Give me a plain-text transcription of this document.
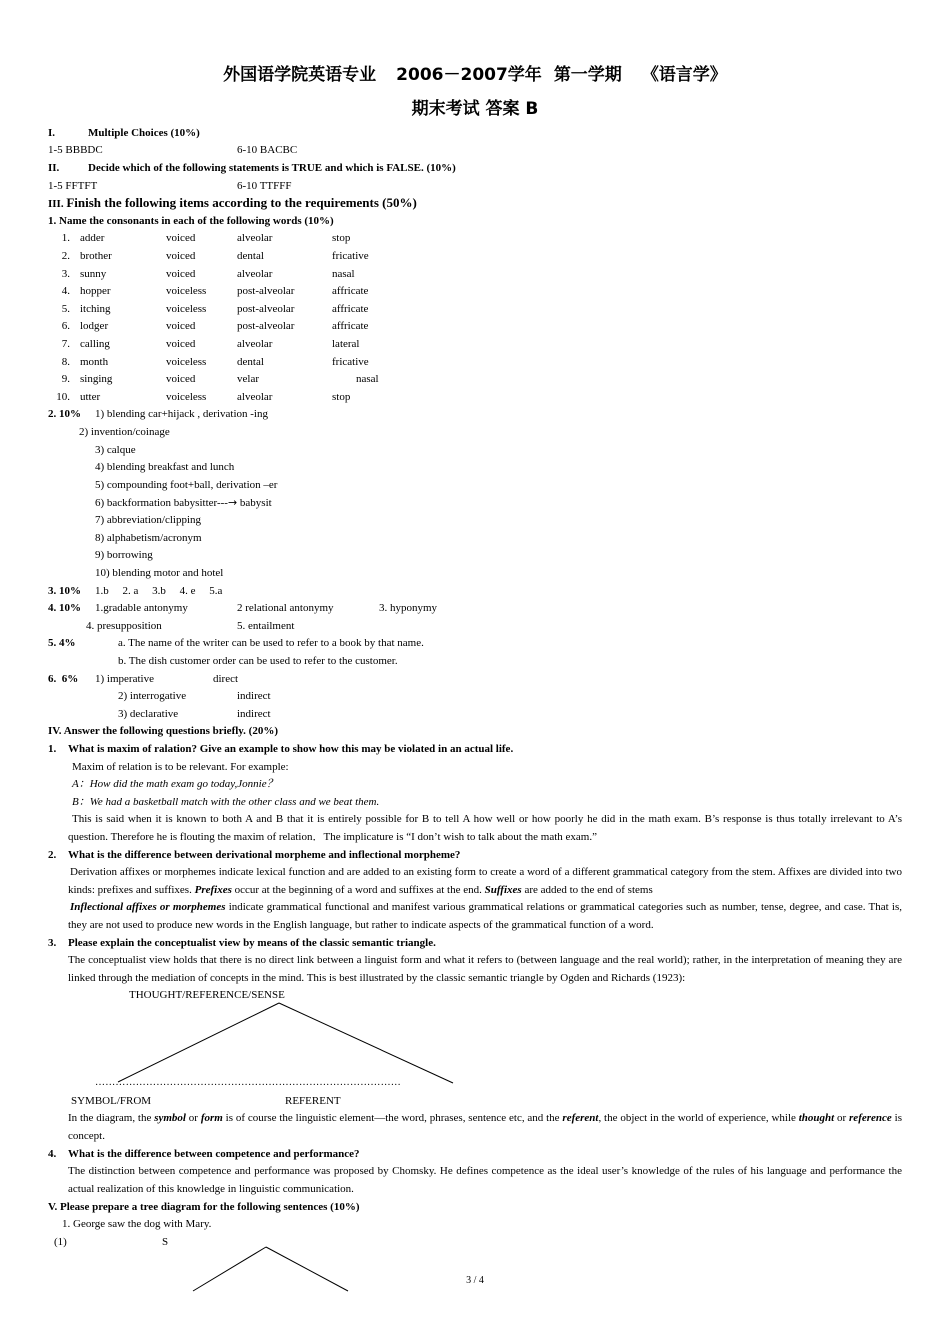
外国语学院英语专业 2006－2007学年 第一学期 《语言学》
期末考试 答案 B
I.	Multiple Choices (10%)
1-5 BBBDC	6-10 BACBC
II.	Decide which of the following statements is TRUE and which is FALSE. (10%)
1-5 FFTFT	6-10 TTFFF
III. Finish the following items according to the requirements (50%)
1. Name the consonants in each of the following words (10%)
1. adder	voiced	alveolar	stop
2. brother	voiced	dental	fricative
3. sunny	voiced	alveolar	nasal
4. hopper	voiceless	post-alveolar	affricate
5. itching	voiceless	post-alveolar	affricate
6. lodger	voiced	post-alveolar	affricate
7. calling	voiced	alveolar	lateral
8. month	voiceless	dental	fricative
9. singing	voiced	velar	nasal
10. utter	voiceless	alveolar	stop
2. 10% 1) blending car+hijack , derivation -ing
2) invention/coinage
3) calque
4) blending breakfast and lunch
5) compounding foot+ball, derivation –er
6) backformation babysitter---→ babysit
7) abbreviation/clipping
8) alphabetism/acronym
9) borrowing
10) blending motor and hotel
3. 10% 1.b     2. a     3.b     4. e     5.a
4. 10% 1.gradable antonymy	2 relational antonymy	3. hyponymy
4. presupposition	5. entailment
5. 4%	a. The name of the writer can be used to refer to a book by that name.
b. The dish customer order can be used to refer to the customer.
6.  6% 1) imperative	direct
2) interrogative	indirect
3) declarative	indirect
IV. Answer the following questions briefly. (20%)
1. What is maxim of ralation? Give an example to show how this may be violated in an actual life.
Maxim of relation is to be relevant. For example:
A：How did the math exam go today,Jonnie？
B：We had a basketball match with the other class and we beat them.
This is said when it is known to both A and B that it is entirely possible for B to tell A how well or how poorly he did in the math exam. B’s response is thus totally irrelevant to A’s question. Therefore he is flouting the maxim of relation．The implicature is “I don’t wish to talk about the math exam.”
2. What is the difference between derivational morpheme and inflectional morpheme?
Derivation affixes or morphemes indicate lexical function and are added to an existing form to create a word of a different grammatical category from the stem. Affixes are divided into two kinds: prefixes and suffixes. Prefixes occur at the beginning of a word and suffixes at the end. Suffixes are added to the end of stems
Inflectional affixes or morphemes indicate grammatical functional and manifest various grammatical relations or grammatical categories such as number, tense, degree, and case. That is, they are not used to produce new words in the English language, but rather to indicate aspects of the grammatical function of a word.
3. Please explain the conceptualist view by means of the classic semantic triangle.
The conceptualist view holds that there is no direct link between a linguist form and what it refers to (between language and the real world); rather, in the interpretation of meaning they are linked through the mediation of concepts in the mind. This is best illustrated by the classic semantic triangle by Ogden and Richards (1923):
THOUGHT/REFERENCE/SENSE
………………………………………………………………………………
SYMBOL/FROM	REFERENT
In the diagram, the symbol or form is of course the linguistic element—the word, phrases, sentence etc, and the referent, the object in the world of experience, while thought or reference is concept.
4. What is the difference between competence and performance?
The distinction between competence and performance was proposed by Chomsky. He defines competence as the ideal user’s knowledge of the rules of his language and performance the actual realization of this knowledge in linguistic communication.
V. Please prepare a tree diagram for the following sentences (10%)
1. George saw the dog with Mary.
(1)	S
3 / 4
